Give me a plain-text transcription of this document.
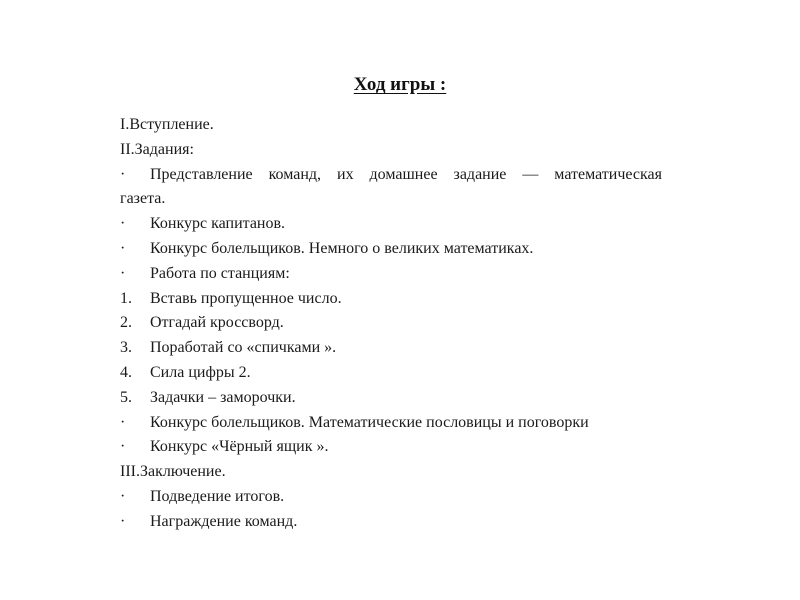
Ход игры :

I.Вступление.

II.Задания:

· Представление команд, их домашнее задание — математическая

газета.

· Конкурс капитанов.

· Конкурс болельщиков. Немного о великих математиках.

· Работа по станциям:

1. Вставь пропущенное число.

2. Отгадай кроссворд.

3. Поработай со «спичками ».

4. Сила цифры 2.

5. Задачки – заморочки.

· Конкурс болельщиков. Математические пословицы и поговорки

· Конкурс «Чёрный ящик ».

III.Заключение.

· Подведение итогов.

· Награждение команд.
